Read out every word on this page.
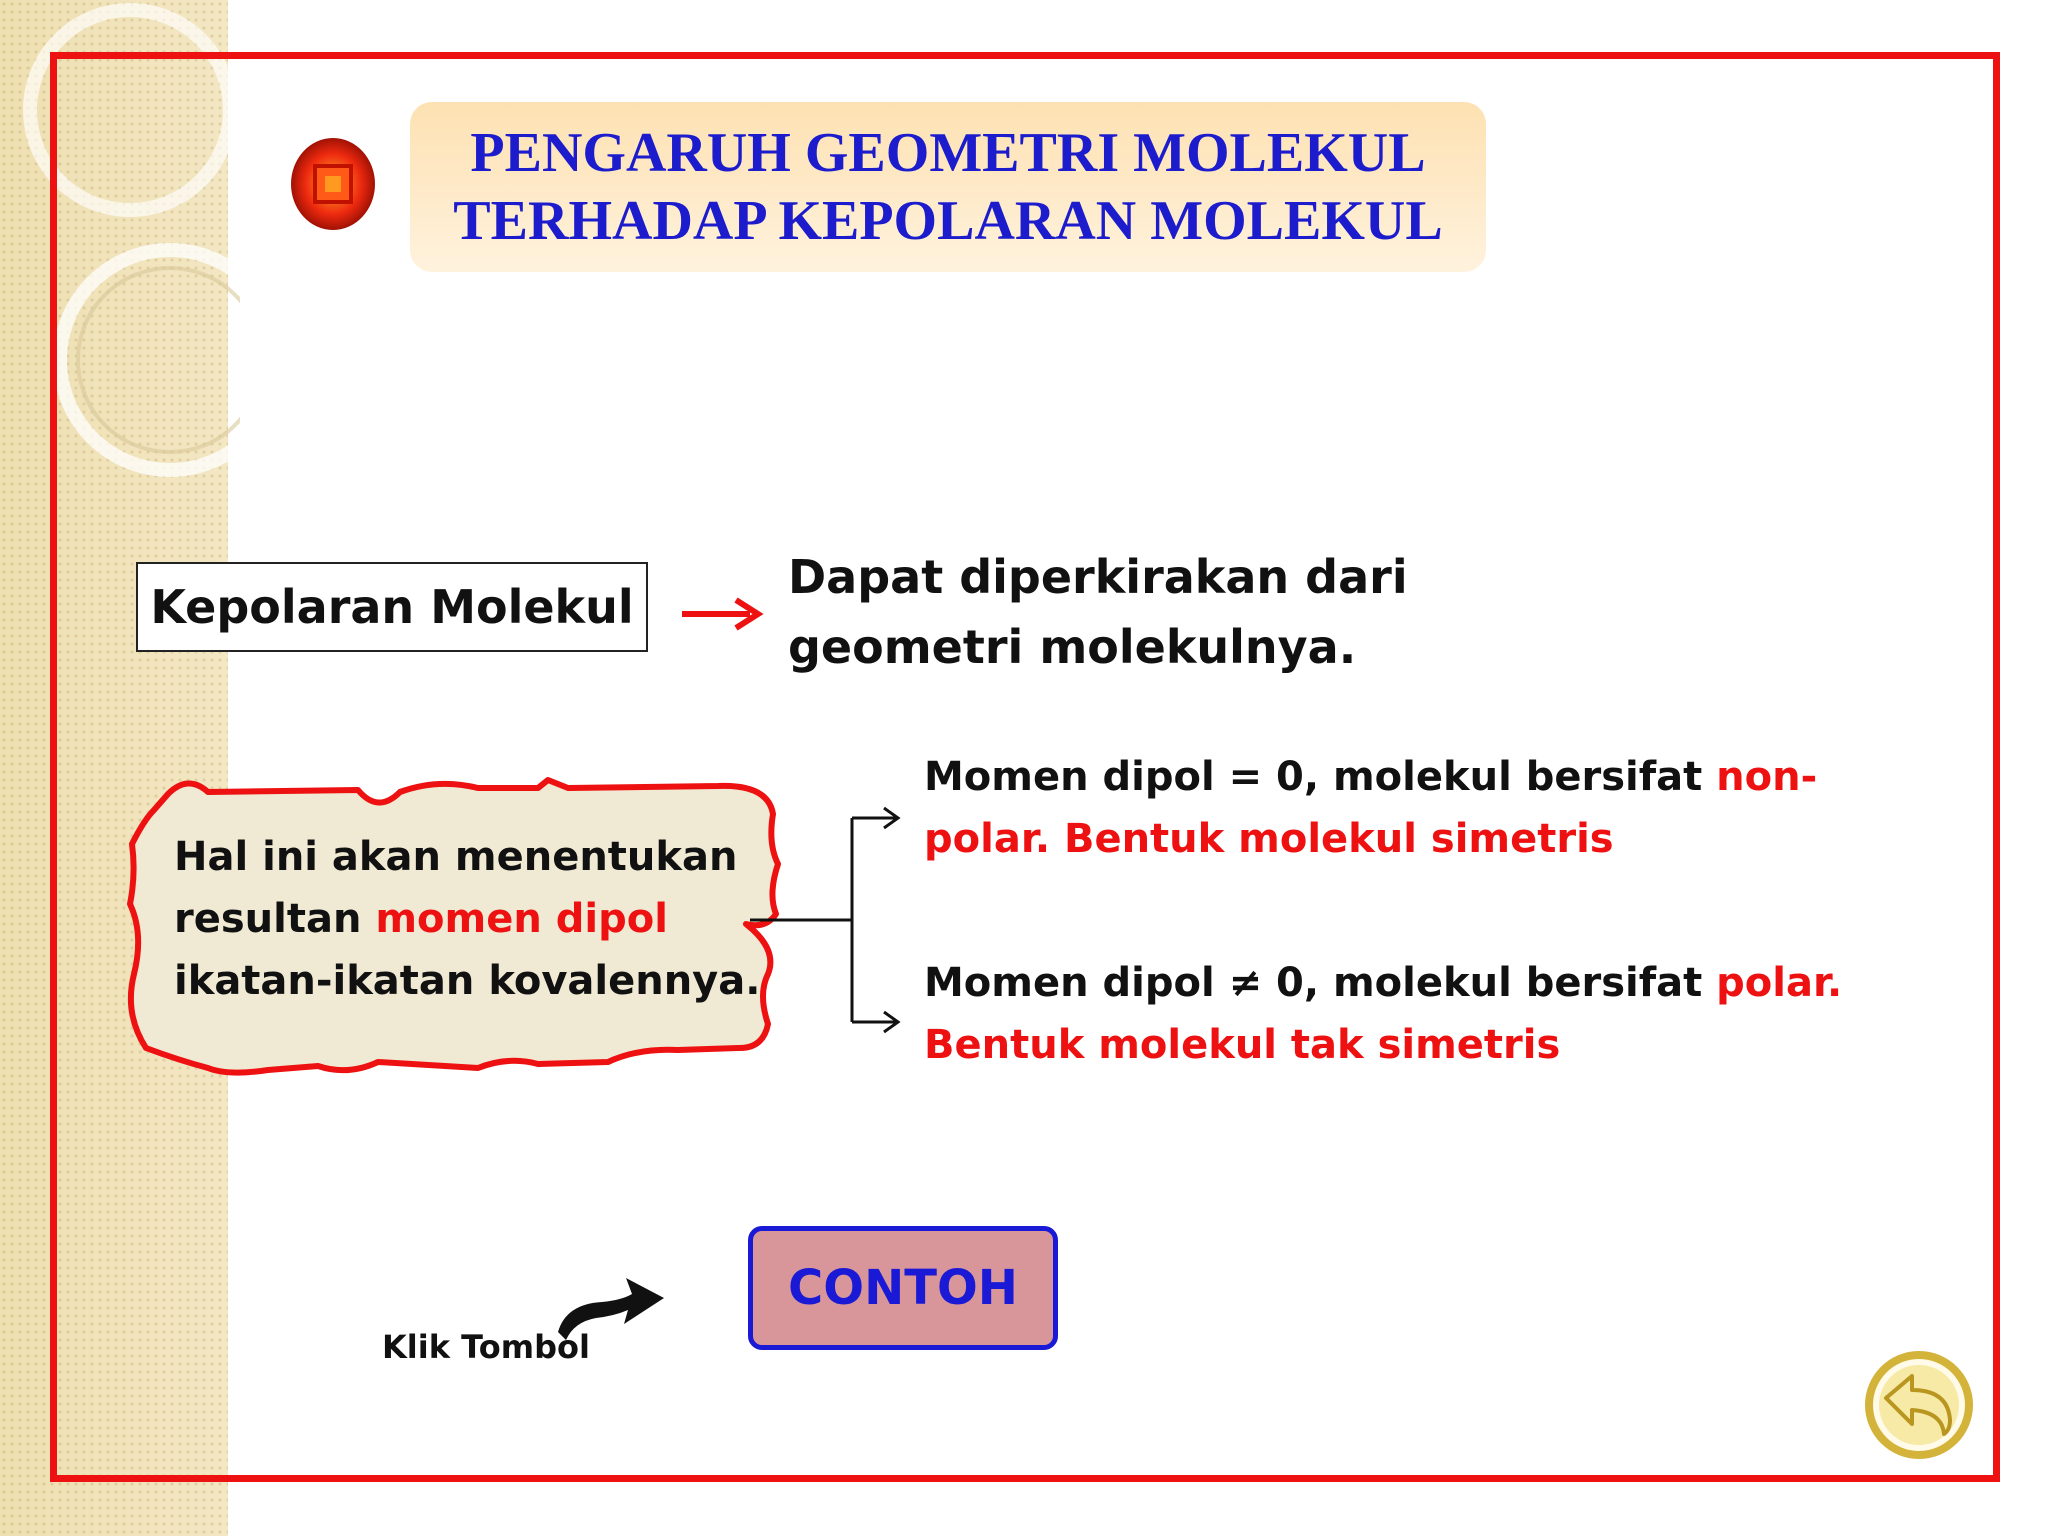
PENGARUH GEOMETRI MOLEKUL
TERHADAP KEPOLARAN MOLEKUL
Kepolaran Molekul
Dapat diperkirakan dari
geometri molekulnya.
Hal ini akan menentukan
resultan momen dipol
ikatan-ikatan kovalennya.
Momen dipol = 0, molekul bersifat non-
polar. Bentuk molekul simetris
Momen dipol ≠ 0, molekul bersifat polar.
Bentuk molekul tak simetris
CONTOH
Klik Tombol
